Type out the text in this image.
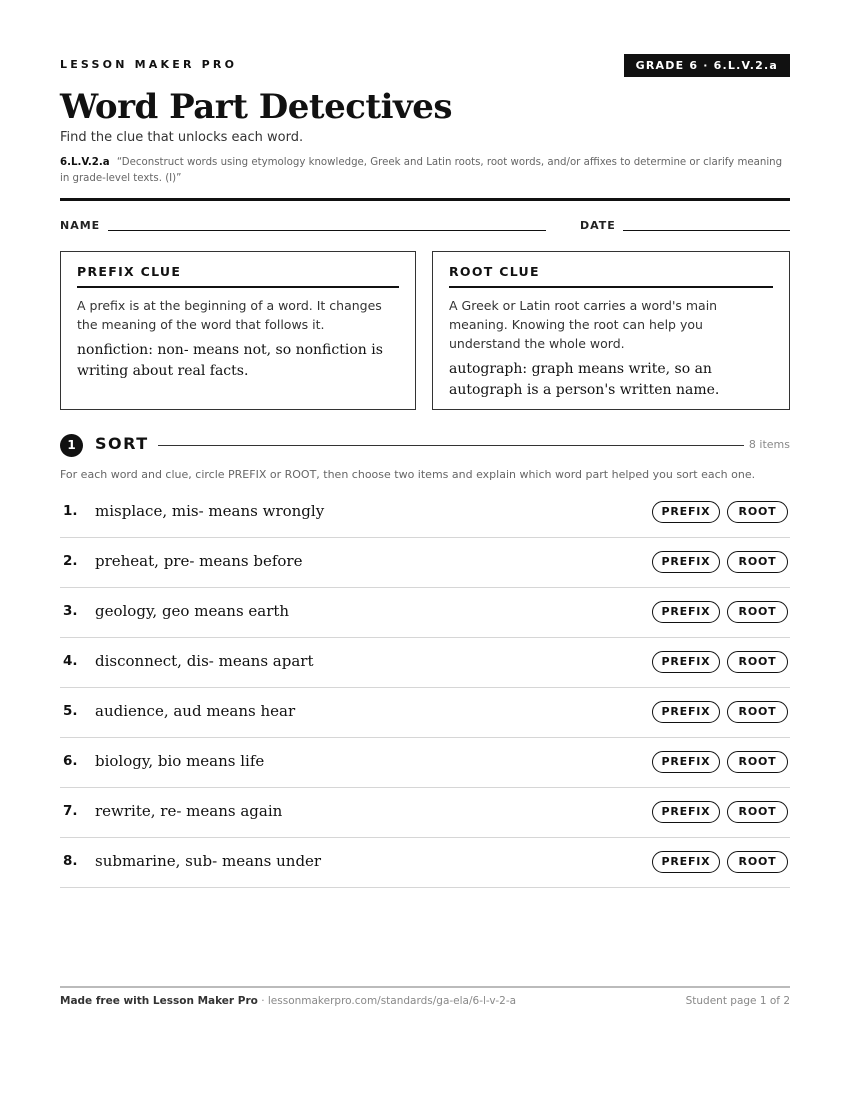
LESSON MAKER PRO	GRADE 6 · 6.L.V.2.a
Word Part Detectives
Find the clue that unlocks each word.
6.L.V.2.a “Deconstruct words using etymology knowledge, Greek and Latin roots, root words, and/or affixes to determine or clarify meaning in grade-level texts. (I)”
NAME	DATE
PREFIX CLUE
A prefix is at the beginning of a word. It changes the meaning of the word that follows it.
nonfiction: non- means not, so nonfiction is writing about real facts.
ROOT CLUE
A Greek or Latin root carries a word's main meaning. Knowing the root can help you understand the whole word.
autograph: graph means write, so an autograph is a person's written name.
1	SORT	8 items
For each word and clue, circle PREFIX or ROOT, then choose two items and explain which word part helped you sort each one.
1. misplace, mis- means wrongly	PREFIX	ROOT
2. preheat, pre- means before	PREFIX	ROOT
3. geology, geo means earth	PREFIX	ROOT
4. disconnect, dis- means apart	PREFIX	ROOT
5. audience, aud means hear	PREFIX	ROOT
6. biology, bio means life	PREFIX	ROOT
7. rewrite, re- means again	PREFIX	ROOT
8. submarine, sub- means under	PREFIX	ROOT
Made free with Lesson Maker Pro · lessonmakerpro.com/standards/ga-ela/6-l-v-2-a	Student page 1 of 2
